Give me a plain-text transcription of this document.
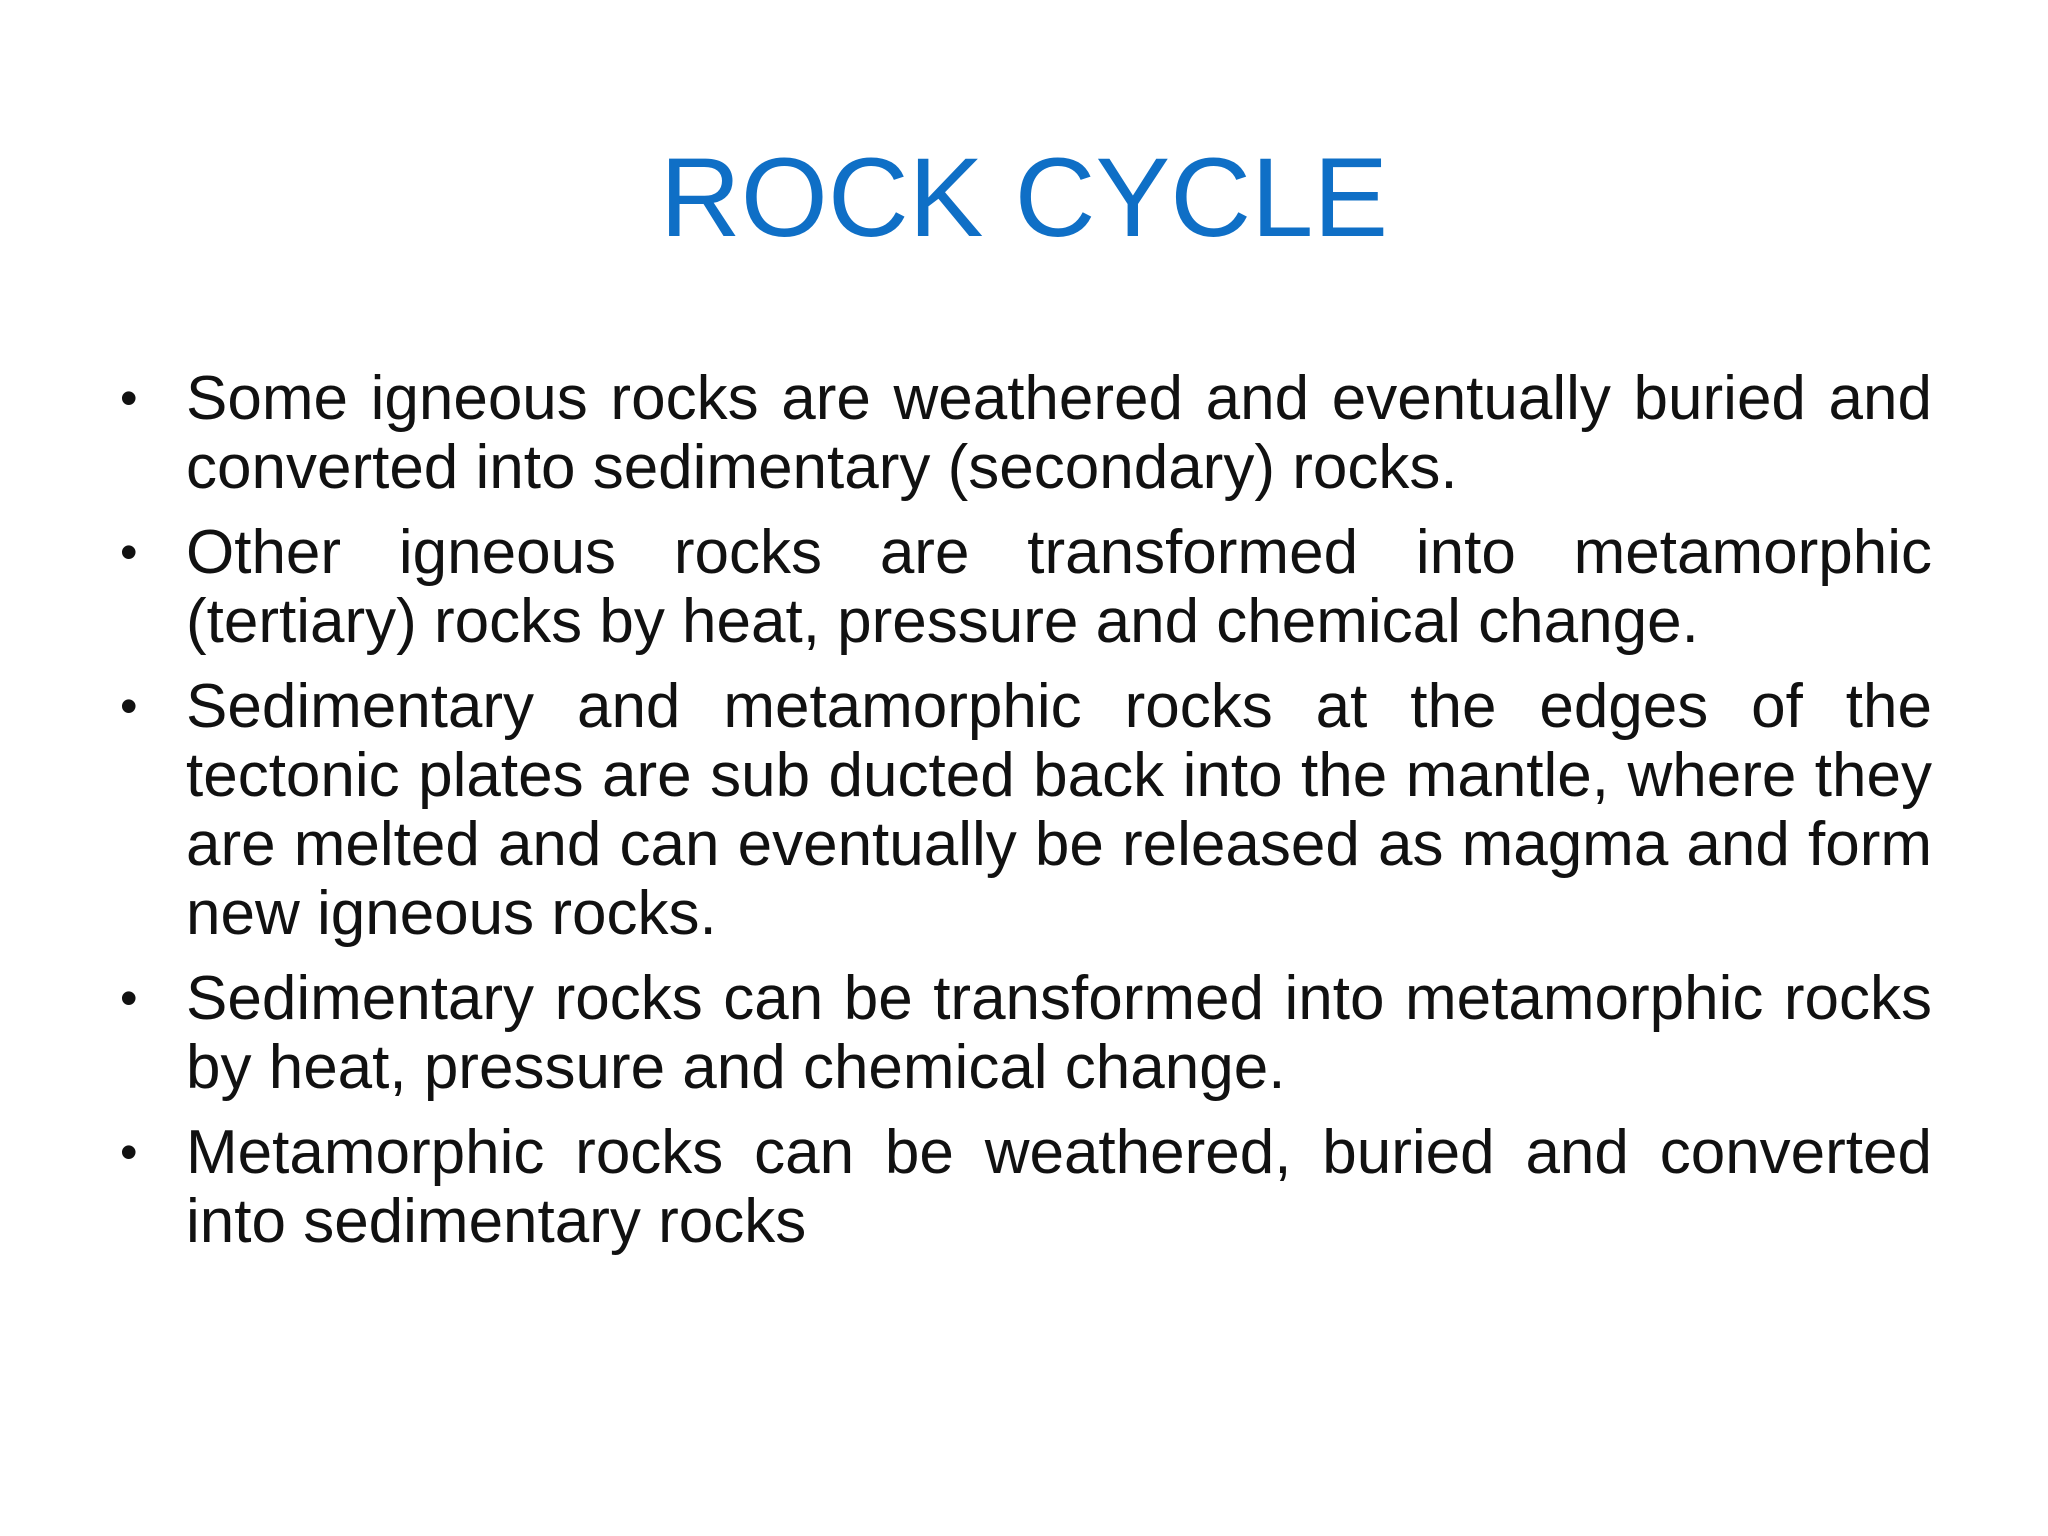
ROCK CYCLE
• Some igneous rocks are weathered and eventually buried and converted into sedimentary (secondary) rocks.
• Other igneous rocks are transformed into metamorphic (tertiary) rocks by heat, pressure and chemical change.
• Sedimentary and metamorphic rocks at the edges of the tectonic plates are sub ducted back into the mantle, where they are melted and can eventually be released as magma and form new igneous rocks.
• Sedimentary rocks can be transformed into metamorphic rocks by heat, pressure and chemical change.
• Metamorphic rocks can be weathered, buried and converted into sedimentary rocks
